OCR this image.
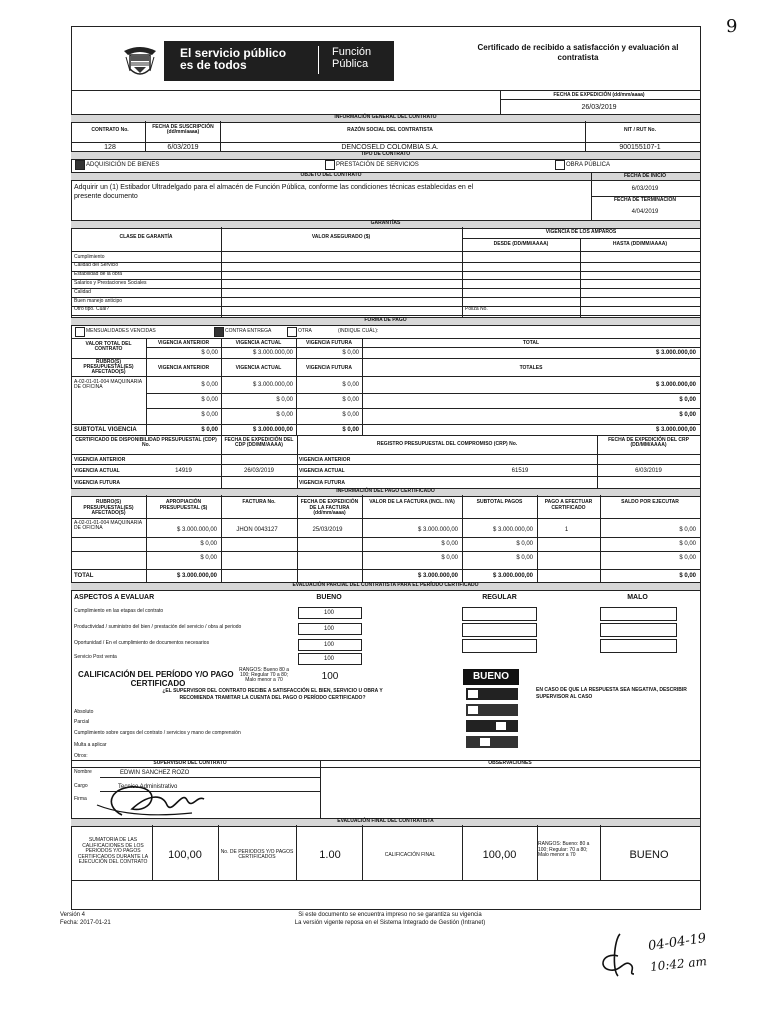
9
El servicio público
es de todos
Función
Pública
Certificado de recibido a satisfacción y evaluación al
contratista
FECHA DE EXPEDICIÓN (dd/mm/aaaa)
26/03/2019
INFORMACIÓN GENERAL DEL CONTRATO
CONTRATO No.	FECHA DE SUSCRIPCIÓN (dd/mm/aaaa)	RAZÓN SOCIAL DEL CONTRATISTA	NIT / RUT No.
128	6/03/2019	DENCOSELD COLOMBIA S.A.	900155107-1
TIPO DE CONTRATO
ADQUISICIÓN DE BIENES	PRESTACIÓN DE SERVICIOS	OBRA PÚBLICA
OBJETO DEL CONTRATO
Adquirir un (1) Estibador Ultradelgado para el almacén de Función Pública, conforme las condiciones técnicas establecidas en el
presente documento
FECHA DE INICIO
6/03/2019
FECHA DE TERMINACIÓN
4/04/2019
GARANTÍAS
CLASE DE GARANTÍA	VALOR ASEGURADO ($)
VIGENCIA DE LOS AMPAROS
DESDE (DD/MM/AAAA)	HASTA (DD/MM/AAAA)
Cumplimiento
Calidad del Servicio
Estabilidad de la obra
Salarios y Prestaciones Sociales
Calidad
Buen manejo anticipo
Otro tipo. Cuál?	Póliza No.
FORMA DE PAGO
MENSUALIDADES VENCIDAS	CONTRA ENTREGA	OTRA	(INDIQUE CUÁL):
VALOR TOTAL DEL CONTRATO
VIGENCIA ANTERIOR	VIGENCIA ACTUAL	VIGENCIA FUTURA	TOTAL
$ 0,00	$ 3.000.000,00	$ 0,00	$ 3.000.000,00
RUBRO(S) PRESUPUESTAL(ES) AFECTADO(S)
VIGENCIA ANTERIOR	VIGENCIA ACTUAL	VIGENCIA FUTURA	TOTALES
A-02-01-01-004 MAQUINARIA DE OFICINA	$ 0,00	$ 3.000.000,00	$ 0,00	$ 3.000.000,00
$ 0,00	$ 0,00	$ 0,00	$ 0,00
$ 0,00	$ 0,00	$ 0,00	$ 0,00
SUBTOTAL VIGENCIA	$ 0,00	$ 3.000.000,00	$ 0,00	$ 3.000.000,00
CERTIFICADO DE DISPONIBILIDAD PRESUPUESTAL (CDP) No.
FECHA DE EXPEDICIÓN DEL CDP (DD/MM/AAAA)	REGISTRO PRESUPUESTAL DEL COMPROMISO (CRP) No.
FECHA DE EXPEDICIÓN DEL CRP (DD/MM/AAAA)
VIGENCIA ANTERIOR	VIGENCIA ANTERIOR
VIGENCIA ACTUAL	14919	26/03/2019	VIGENCIA ACTUAL	61519	6/03/2019
VIGENCIA FUTURA	VIGENCIA FUTURA
INFORMACIÓN DEL PAGO CERTIFICADO
RUBRO(S) PRESUPUESTAL(ES) AFECTADO(S)
APROPIACIÓN PRESUPUESTAL ($)
FACTURA No.	FECHA DE EXPEDICIÓN DE LA FACTURA (dd/mm/aaaa)
VALOR DE LA FACTURA (INCL. IVA)	SUBTOTAL PAGOS	PAGO A EFECTUAR CERTIFICADO
SALDO POR EJECUTAR
A-02-01-01-004 MAQUINARIA DE OFICINA	$ 3.000.000,00	JHON 0043127	25/03/2019	$ 3.000.000,00	$ 3.000.000,00	1	$ 0,00
$ 0,00	$ 0,00	$ 0,00	$ 0,00
$ 0,00	$ 0,00	$ 0,00	$ 0,00
TOTAL	$ 3.000.000,00	$ 3.000.000,00	$ 3.000.000,00	$ 0,00
EVALUACIÓN PARCIAL DEL CONTRATISTA PARA EL PERÍODO CERTIFICADO
ASPECTOS A EVALUAR	BUENO	REGULAR	MALO
Cumplimiento en las etapas del contrato	100
Productividad / suministro del bien / prestación del servicio / obra al periodo	100
Oportunidad / En el cumplimiento de documentos necesarios	100
Servicio Post venta	100
CALIFICACIÓN DEL PERÍODO Y/O PAGO
CERTIFICADO
RANGOS: Bueno 80 a 100; Regular 70 a 80; Malo menor a 70	100	BUENO
¿EL SUPERVISOR DEL CONTRATO RECIBE A SATISFACCIÓN EL BIEN, SERVICIO U OBRA Y
RECOMIENDA TRAMITAR LA CUENTA DEL PAGO O PERÍODO CERTIFICADO?
EN CASO DE QUE LA RESPUESTA SEA NEGATIVA, DESCRIBIR
SUPERVISOR AL CASO
Absoluto
Parcial
Cumplimiento sobre cargos del contrato / servicios y mano de comprensión
Multa a aplicar
Otros:
SUPERVISOR DEL CONTRATO	OBSERVACIONES
Nombre	EDWIN SANCHEZ ROZO
Cargo	Tecnico Administrativo
Firma
EVALUACIÓN FINAL DEL CONTRATISTA
SUMATORIA DE LAS CALIFICACIONES DE LOS PERIODOS Y/O PAGOS CERTIFICADOS DURANTE LA EJECUCIÓN DEL CONTRATO
100,00	No. DE PERIODOS Y/O PAGOS CERTIFICADOS	1.00	CALIFICACIÓN FINAL	100,00
RANGOS: Bueno: 80 a 100; Regular: 70 a 80; Malo menor a 70	BUENO
Versión 4
Fecha: 2017-01-21
Si este documento se encuentra impreso no se garantiza su vigencia
La versión vigente reposa en el Sistema Integrado de Gestión (Intranet)
04-04-19
10:42 am
